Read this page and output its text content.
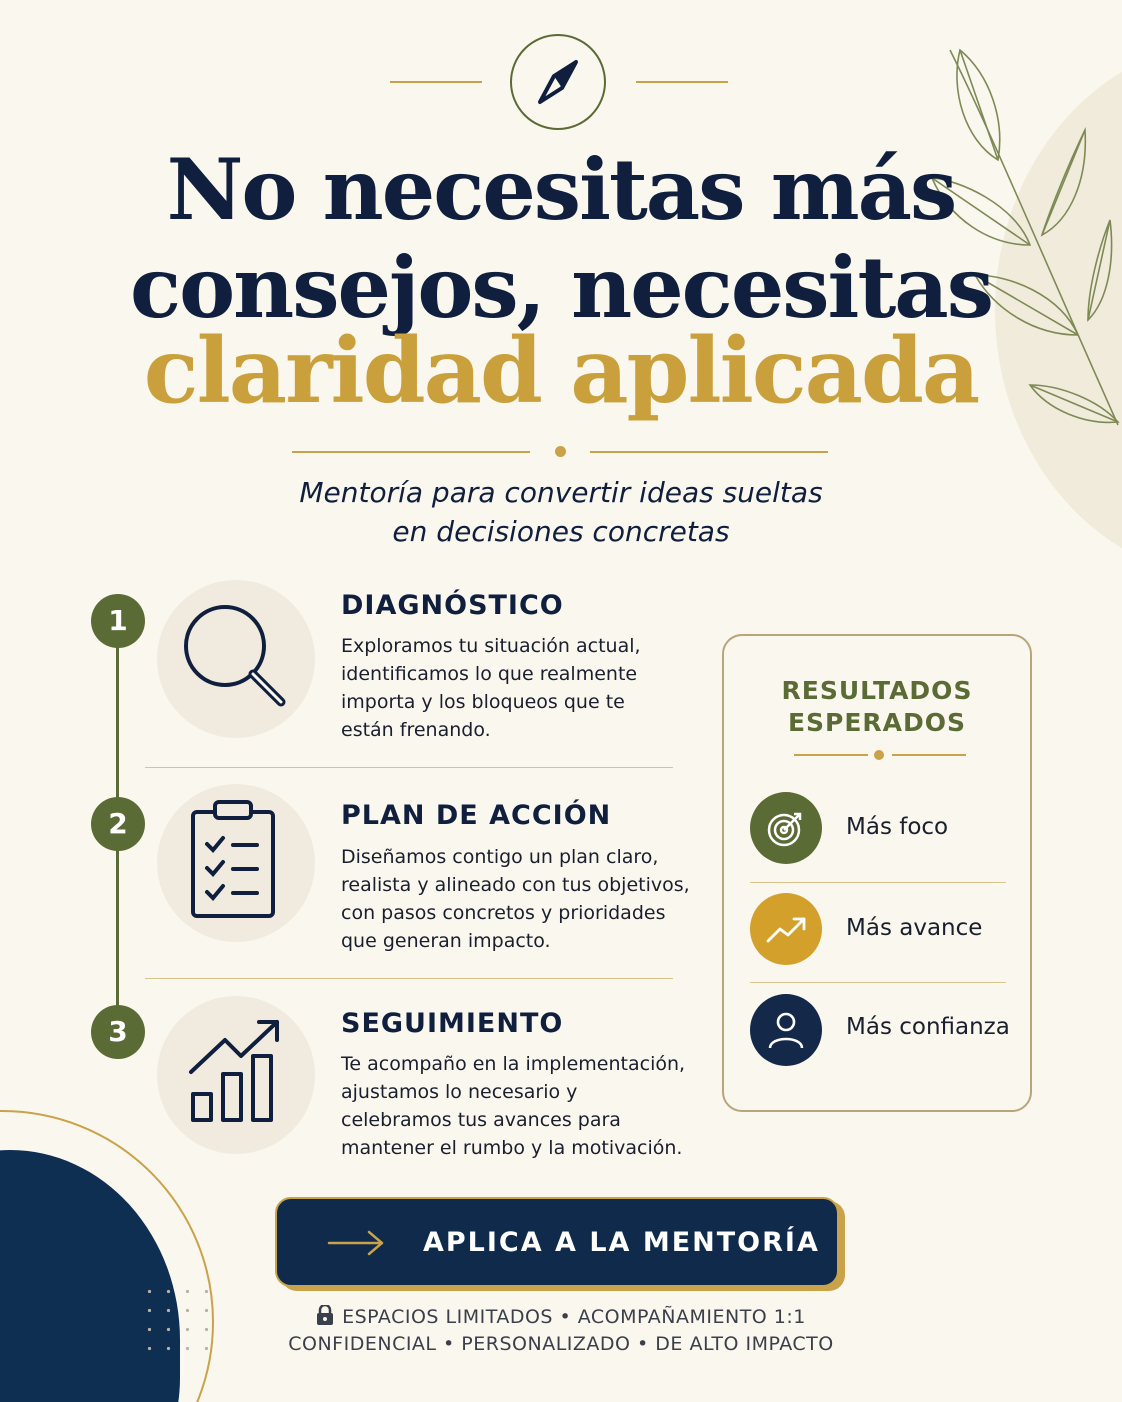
No necesitas más
consejos, necesitas
claridad aplicada
Mentoría para convertir ideas sueltas
en decisiones concretas
1	DIAGNÓSTICO
Exploramos tu situación actual, identificamos lo que realmente importa y los bloqueos que te están frenando.
2	PLAN DE ACCIÓN
Diseñamos contigo un plan claro, realista y alineado con tus objetivos, con pasos concretos y prioridades que generan impacto.
3	SEGUIMIENTO
Te acompaño en la implementación, ajustamos lo necesario y celebramos tus avances para mantener el rumbo y la motivación.
RESULTADOS
ESPERADOS
Más foco
Más avance
Más confianza
APLICA A LA MENTORÍA
ESPACIOS LIMITADOS • ACOMPAÑAMIENTO 1:1
CONFIDENCIAL • PERSONALIZADO • DE ALTO IMPACTO
